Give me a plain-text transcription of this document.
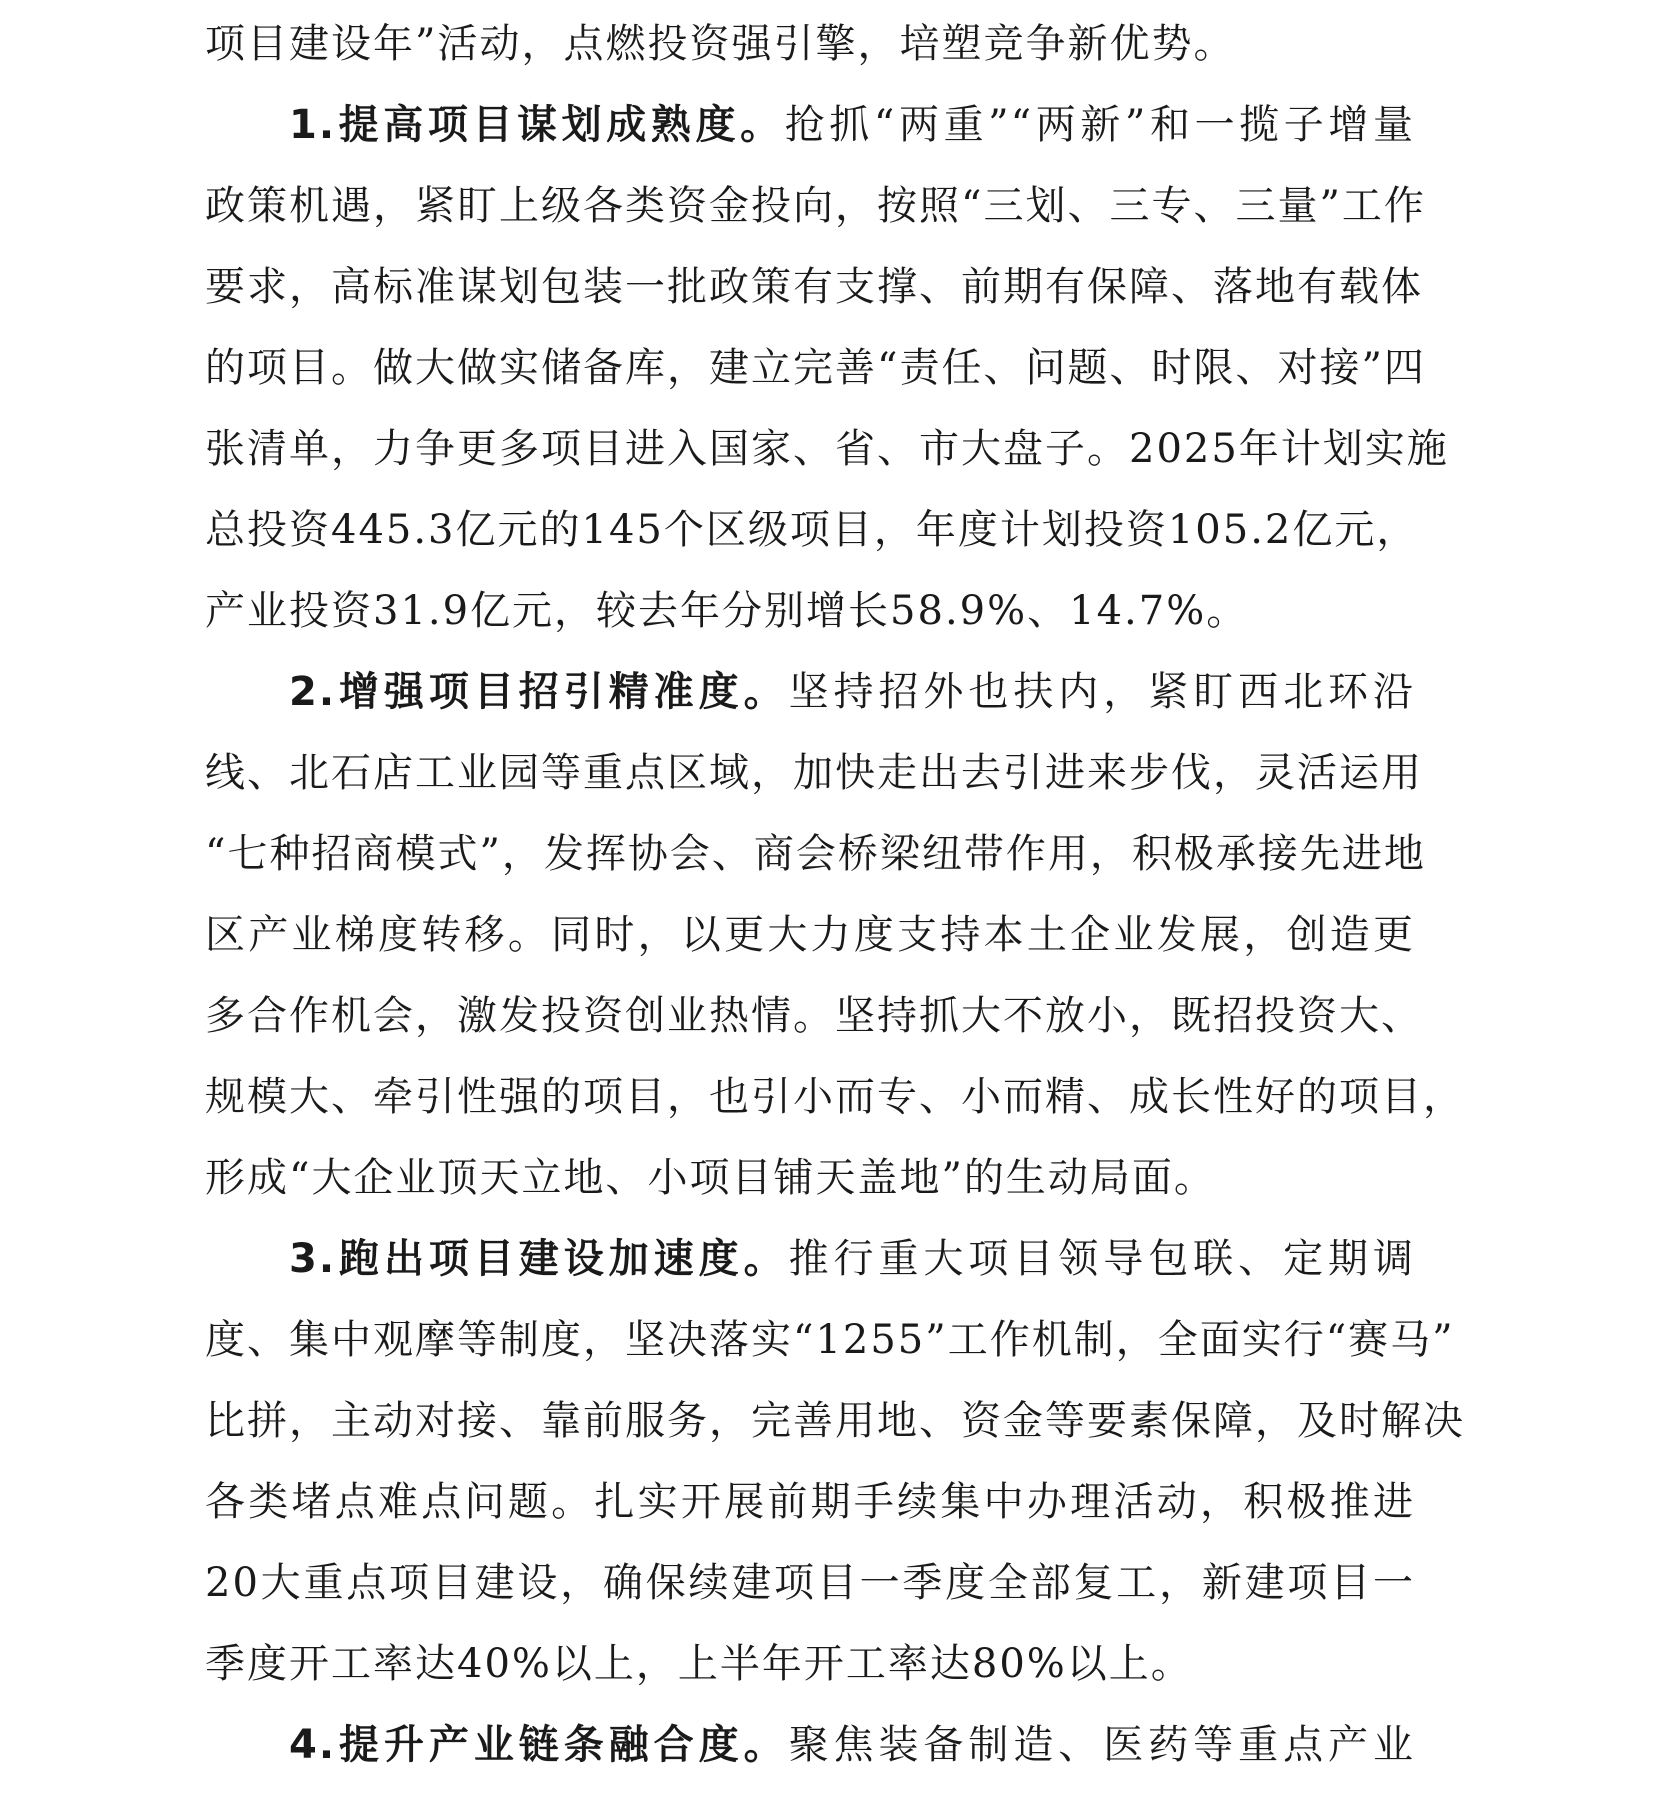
项目建设年”活动，点燃投资强引擎，培塑竞争新优势。
1.提高项目谋划成熟度。抢抓“两重”“两新”和一揽子增量
政策机遇，紧盯上级各类资金投向，按照“三划、三专、三量”工作
要求，高标准谋划包装一批政策有支撑、前期有保障、落地有载体
的项目。做大做实储备库，建立完善“责任、问题、时限、对接”四
张清单，力争更多项目进入国家、省、市大盘子。2025年计划实施
总投资445.3亿元的145个区级项目，年度计划投资105.2亿元，
产业投资31.9亿元，较去年分别增长58.9%、14.7%。
2.增强项目招引精准度。坚持招外也扶内，紧盯西北环沿
线、北石店工业园等重点区域，加快走出去引进来步伐，灵活运用
“七种招商模式”，发挥协会、商会桥梁纽带作用，积极承接先进地
区产业梯度转移。同时，以更大力度支持本土企业发展，创造更
多合作机会，激发投资创业热情。坚持抓大不放小，既招投资大、
规模大、牵引性强的项目，也引小而专、小而精、成长性好的项目，
形成“大企业顶天立地、小项目铺天盖地”的生动局面。
3.跑出项目建设加速度。推行重大项目领导包联、定期调
度、集中观摩等制度，坚决落实“1255”工作机制，全面实行“赛马”
比拼，主动对接、靠前服务，完善用地、资金等要素保障，及时解决
各类堵点难点问题。扎实开展前期手续集中办理活动，积极推进
20大重点项目建设，确保续建项目一季度全部复工，新建项目一
季度开工率达40%以上，上半年开工率达80%以上。
4.提升产业链条融合度。聚焦装备制造、医药等重点产业
